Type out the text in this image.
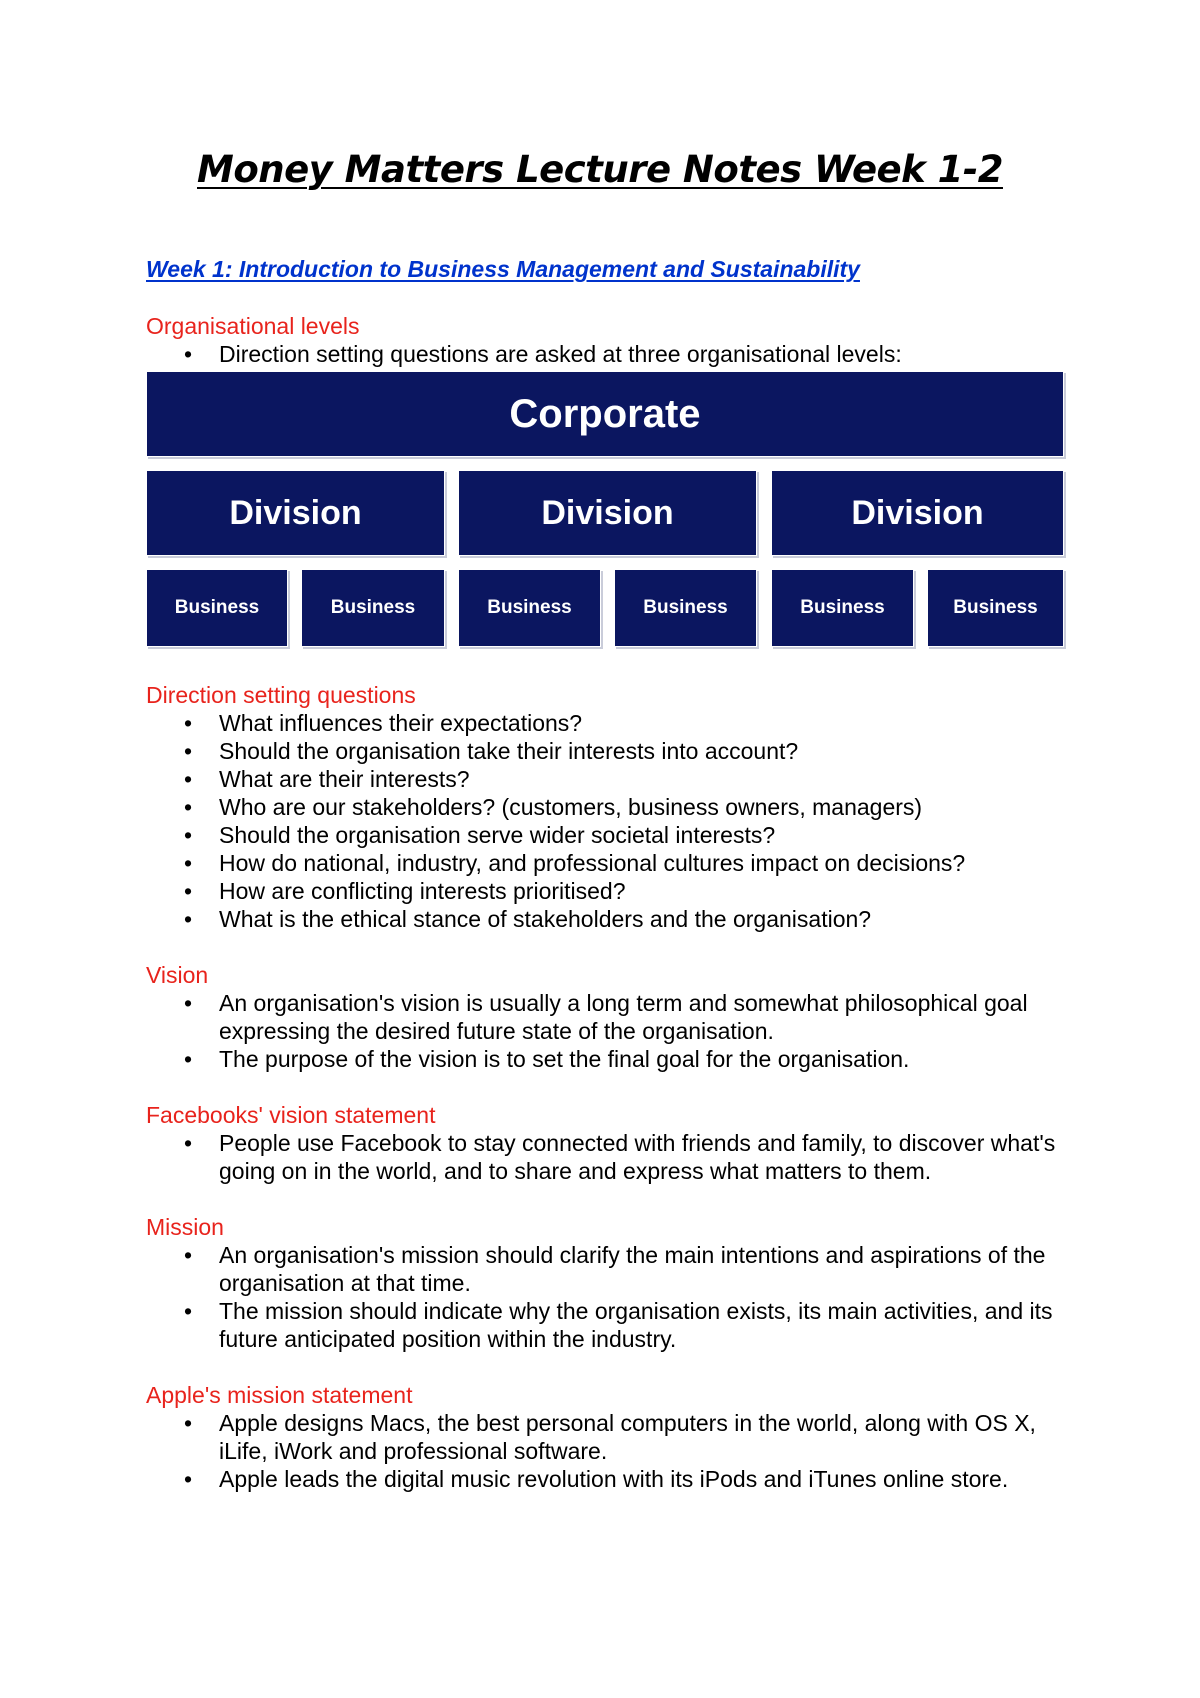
Money Matters Lecture Notes Week 1-2
Week 1: Introduction to Business Management and Sustainability

Organisational levels

• Direction setting questions are asked at three organisational levels:
Corporate
Division	Division	Division
Business	Business	Business	Business	Business	Business

Direction setting questions

• What influences their expectations?
• Should the organisation take their interests into account?
• What are their interests?
• Who are our stakeholders? (customers, business owners, managers)
• Should the organisation serve wider societal interests?
• How do national, industry, and professional cultures impact on decisions?
• How are conflicting interests prioritised?
• What is the ethical stance of stakeholders and the organisation?

Vision

• An organisation's vision is usually a long term and somewhat philosophical goal expressing the desired future state of the organisation.
• The purpose of the vision is to set the final goal for the organisation.

Facebooks' vision statement

• People use Facebook to stay connected with friends and family, to discover what's going on in the world, and to share and express what matters to them.

Mission

• An organisation's mission should clarify the main intentions and aspirations of the organisation at that time.
• The mission should indicate why the organisation exists, its main activities, and its future anticipated position within the industry.

Apple's mission statement

• Apple designs Macs, the best personal computers in the world, along with OS X, iLife, iWork and professional software.
• Apple leads the digital music revolution with its iPods and iTunes online store.
